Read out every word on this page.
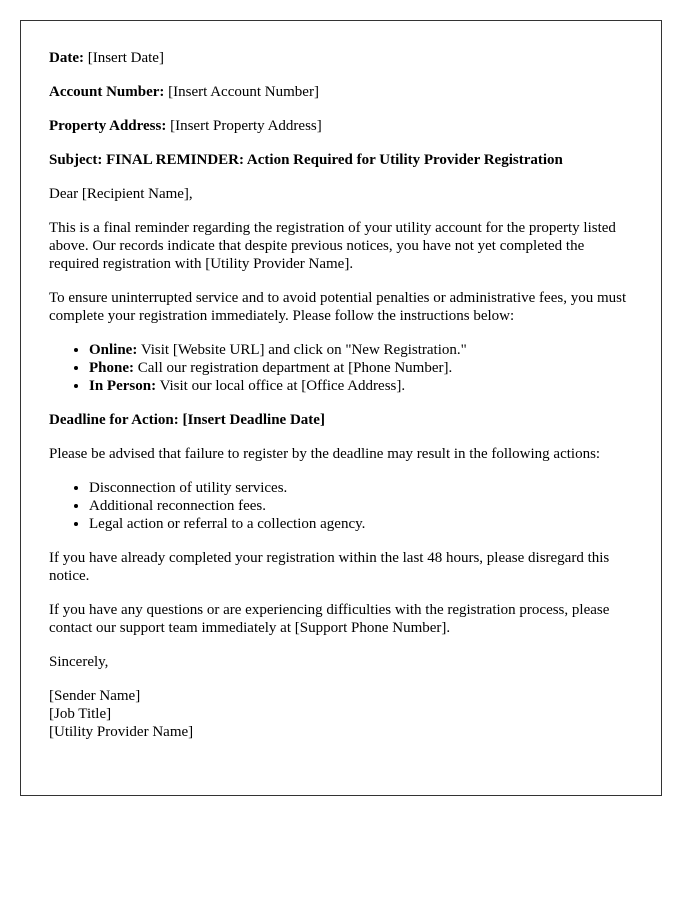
Date: [Insert Date]

Account Number: [Insert Account Number]

Property Address: [Insert Property Address]

Subject: FINAL REMINDER: Action Required for Utility Provider Registration

Dear [Recipient Name],

This is a final reminder regarding the registration of your utility account for the property listed above. Our records indicate that despite previous notices, you have not yet completed the required registration with [Utility Provider Name].

To ensure uninterrupted service and to avoid potential penalties or administrative fees, you must complete your registration immediately. Please follow the instructions below:

• Online: Visit [Website URL] and click on "New Registration."
• Phone: Call our registration department at [Phone Number].
• In Person: Visit our local office at [Office Address].

Deadline for Action: [Insert Deadline Date]

Please be advised that failure to register by the deadline may result in the following actions:

• Disconnection of utility services.
• Additional reconnection fees.
• Legal action or referral to a collection agency.

If you have already completed your registration within the last 48 hours, please disregard this notice.

If you have any questions or are experiencing difficulties with the registration process, please contact our support team immediately at [Support Phone Number].

Sincerely,

[Sender Name]

[Job Title]

[Utility Provider Name]
